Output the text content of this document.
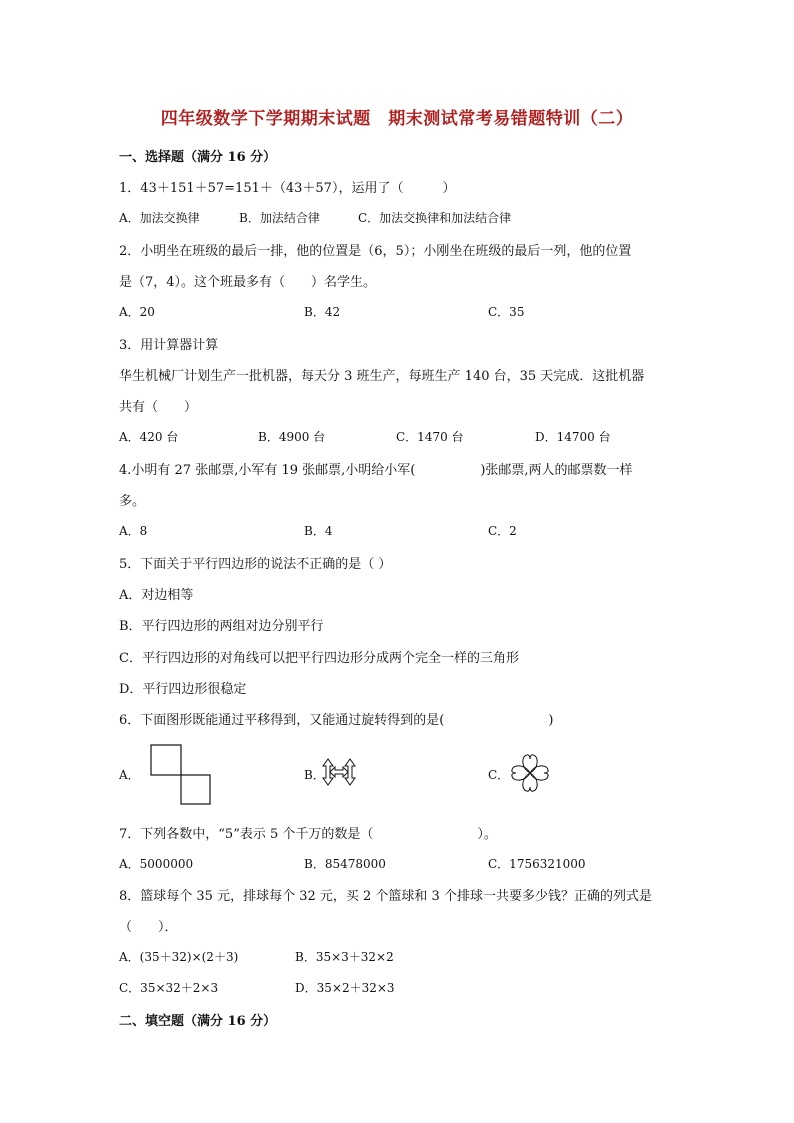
四年级数学下学期期末试题　期末测试常考易错题特训（二）
一、选择题（满分 16 分）
1．43＋151＋57=151＋（43＋57），运用了（　　　）
A．加法交换律	B．加法结合律	C．加法交换律和加法结合律
2．小明坐在班级的最后一排，他的位置是（6，5）；小刚坐在班级的最后一列，他的位置
是（7，4）。这个班最多有（　　）名学生。
A．20	B．42	C．35
3．用计算器计算
华生机械厂计划生产一批机器，每天分 3 班生产，每班生产 140 台，35 天完成．这批机器
共有（　　）
A．420 台	B．4900 台	C．1470 台	D．14700 台
4.小明有 27 张邮票,小军有 19 张邮票,小明给小军(　　　　　)张邮票,两人的邮票数一样
多。
A．8	B．4	C．2
5．下面关于平行四边形的说法不正确的是（ ）
A．对边相等
B．平行四边形的两组对边分别平行
C．平行四边形的对角线可以把平行四边形分成两个完全一样的三角形
D．平行四边形很稳定
6．下面图形既能通过平移得到，又能通过旋转得到的是(　　　　　　　　)
A．	B．	C．
7．下列各数中，“5”表示 5 个千万的数是（　　　　　　　　）。
A．5000000	B．85478000	C．1756321000
8．篮球每个 35 元，排球每个 32 元，买 2 个篮球和 3 个排球一共要多少钱？正确的列式是
（　　）．
A．(35＋32)×(2＋3)	B．35×3＋32×2
C．35×32＋2×3	D．35×2＋32×3
二、填空题（满分 16 分）
